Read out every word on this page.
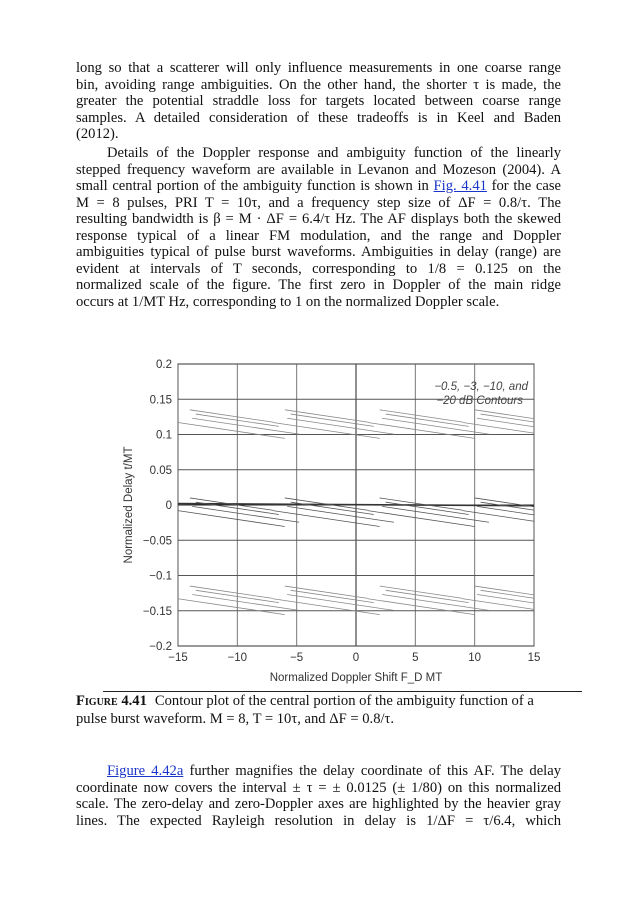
long so that a scatterer will only influence measurements in one coarse range
bin, avoiding range ambiguities. On the other hand, the shorter τ is made, the
greater the potential straddle loss for targets located between coarse range
samples. A detailed consideration of these tradeoffs is in Keel and Baden
(2012).
Details of the Doppler response and ambiguity function of the linearly
stepped frequency waveform are available in Levanon and Mozeson (2004). A
small central portion of the ambiguity function is shown in Fig. 4.41 for the case
M = 8 pulses, PRI T = 10τ, and a frequency step size of ΔF = 0.8/τ. The
resulting bandwidth is β = M · ΔF = 6.4/τ Hz. The AF displays both the skewed
response typical of a linear FM modulation, and the range and Doppler
ambiguities typical of pulse burst waveforms. Ambiguities in delay (range) are
evident at intervals of T seconds, corresponding to 1/8 = 0.125 on the
normalized scale of the figure. The first zero in Doppler of the main ridge
occurs at 1/MT Hz, corresponding to 1 on the normalized Doppler scale.
−15	−10	−5	0	5	10	15
0.2
0.15
0.1
0.05
0
−0.05
−0.1
−0.15
−0.2
−0.5, −3, −10, and
−20 dB Contours
Normalized Doppler Shift F_D MT
Normalized Delay t/MT
Figure 4.41 Contour plot of the central portion of the ambiguity function of a
pulse burst waveform. M = 8, T = 10τ, and ΔF = 0.8/τ.
Figure 4.42a further magnifies the delay coordinate of this AF. The delay
coordinate now covers the interval ± τ = ± 0.0125 (± 1/80) on this normalized
scale. The zero-delay and zero-Doppler axes are highlighted by the heavier gray
lines. The expected Rayleigh resolution in delay is 1/ΔF = τ/6.4, which
